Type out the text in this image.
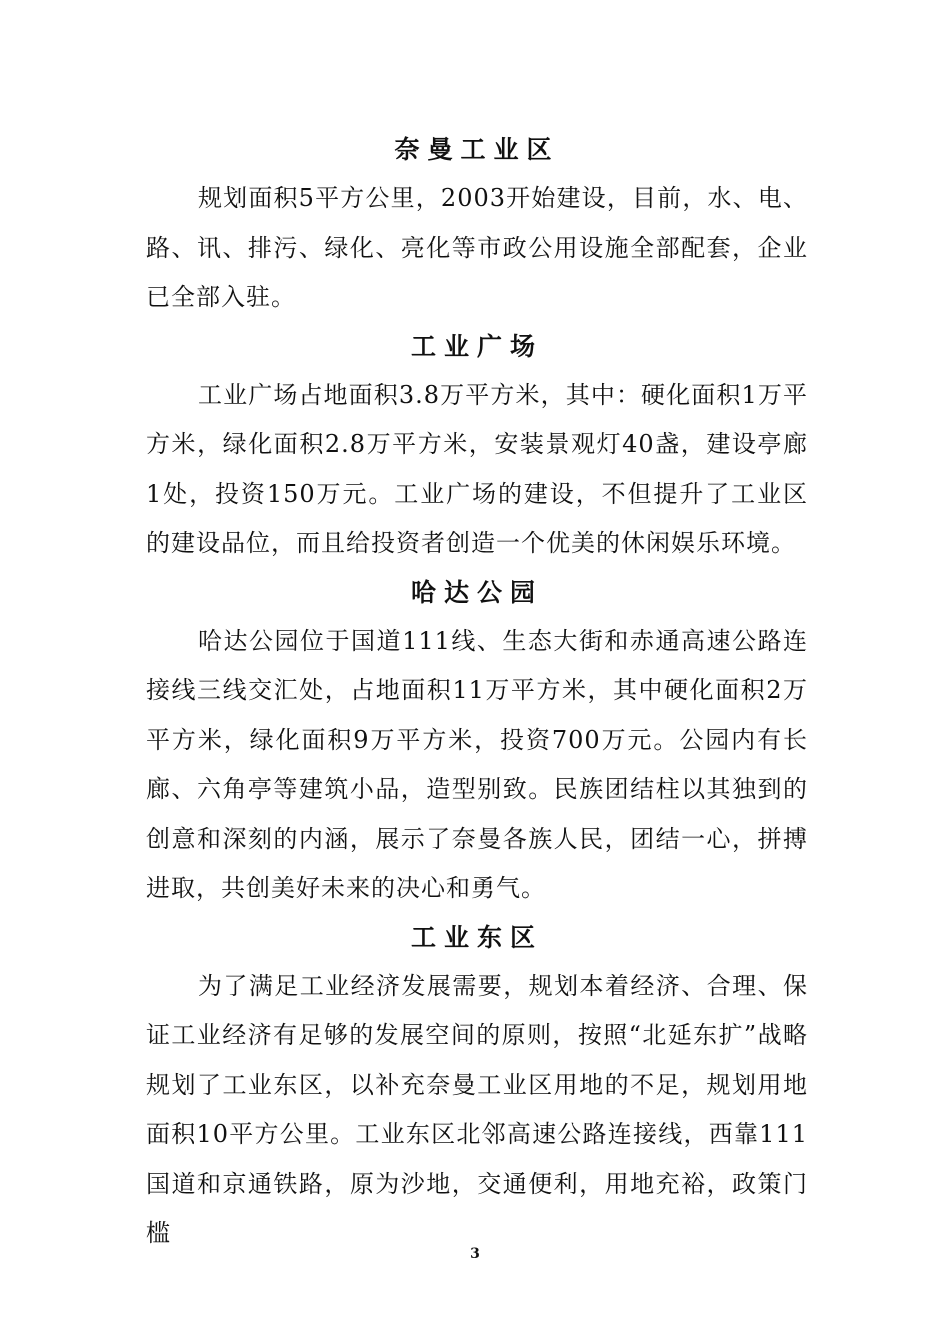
奈曼工业区

规划面积5平方公里，2003开始建设，目前，水、电、路、讯、排污、绿化、亮化等市政公用设施全部配套，企业已全部入驻。

工业广场

工业广场占地面积3.8万平方米，其中：硬化面积1万平方米，绿化面积2.8万平方米，安装景观灯40盏，建设亭廊1处，投资150万元。工业广场的建设，不但提升了工业区的建设品位，而且给投资者创造一个优美的休闲娱乐环境。

哈达公园

哈达公园位于国道111线、生态大街和赤通高速公路连接线三线交汇处，占地面积11万平方米，其中硬化面积2万平方米，绿化面积9万平方米，投资700万元。公园内有长廊、六角亭等建筑小品，造型别致。民族团结柱以其独到的创意和深刻的内涵，展示了奈曼各族人民，团结一心，拼搏进取，共创美好未来的决心和勇气。

工业东区

为了满足工业经济发展需要，规划本着经济、合理、保证工业经济有足够的发展空间的原则，按照“北延东扩”战略规划了工业东区，以补充奈曼工业区用地的不足，规划用地面积10平方公里。工业东区北邻高速公路连接线，西靠111国道和京通铁路，原为沙地，交通便利，用地充裕，政策门槛

3
